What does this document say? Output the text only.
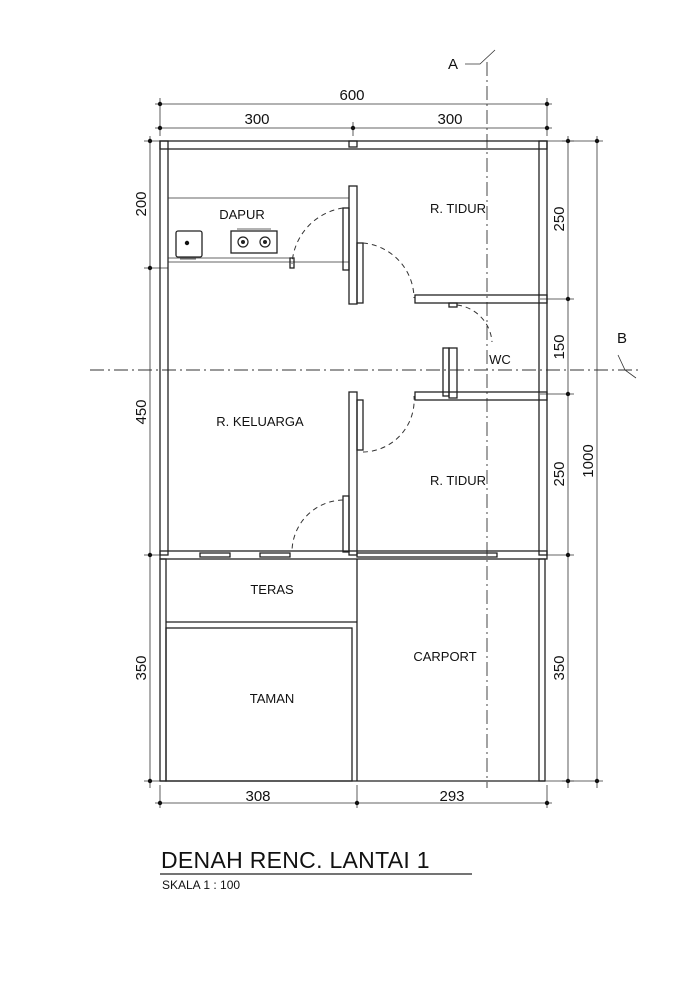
A
B
600
300	300
308	293
200
450
350
250
150
250
350
1000
DAPUR	R. TIDUR
WC
R. KELUARGA
R. TIDUR
TERAS
TAMAN
CARPORT
DENAH RENC. LANTAI 1
SKALA 1 : 100
